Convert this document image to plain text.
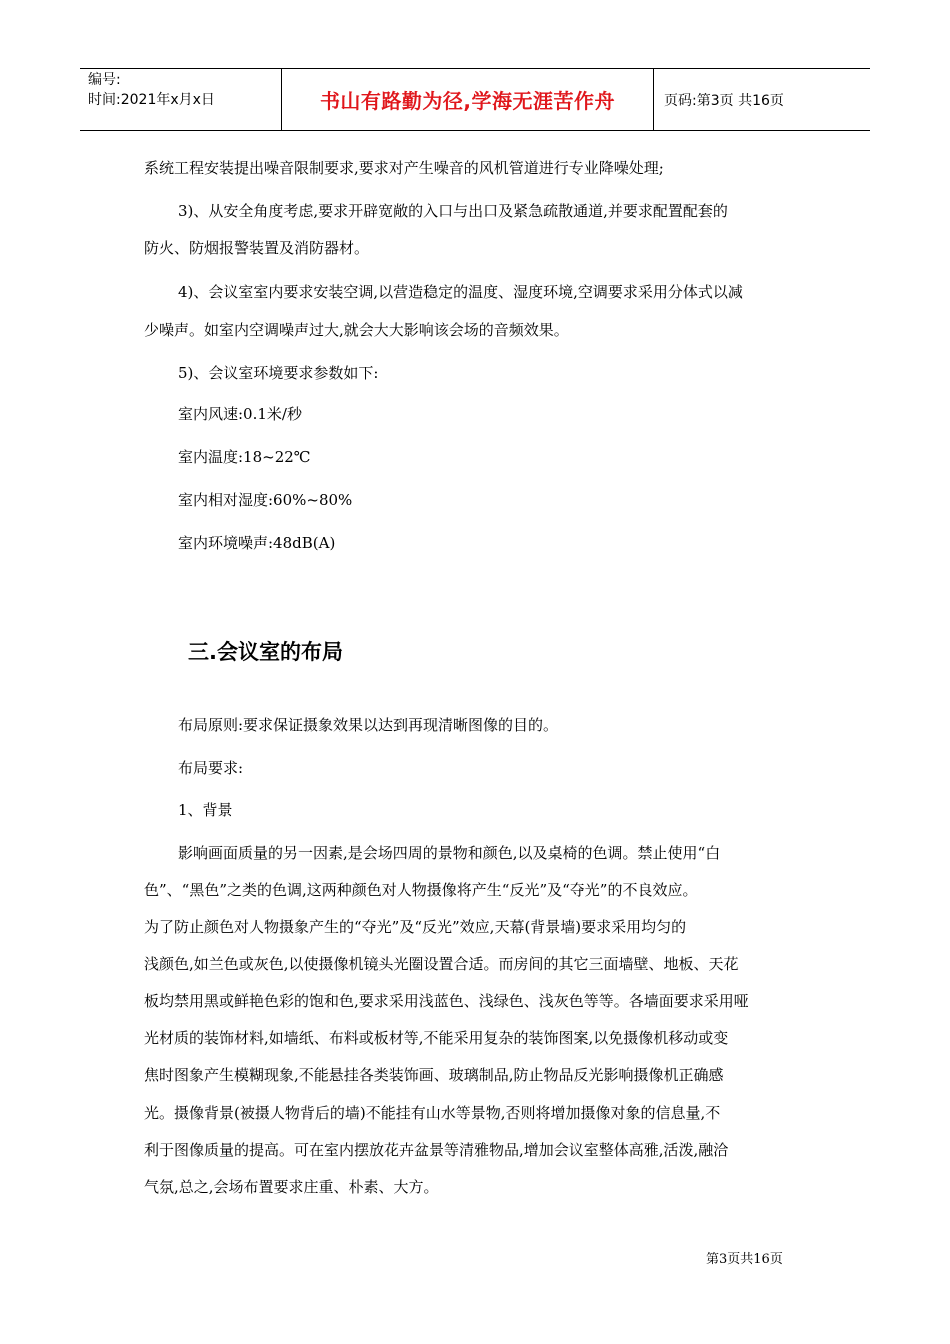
编号:
时间:2021年x月x日	书山有路勤为径,学海无涯苦作舟	页码:第3页 共16页
系统工程安装提出噪音限制要求,要求对产生噪音的风机管道进行专业降噪处理;
3)、从安全角度考虑,要求开辟宽敞的入口与出口及紧急疏散通道,并要求配置配套的
防火、防烟报警装置及消防器材。
4)、会议室室内要求安装空调,以营造稳定的温度、湿度环境,空调要求采用分体式以减
少噪声。如室内空调噪声过大,就会大大影响该会场的音频效果。
5)、会议室环境要求参数如下:
室内风速:0.1米/秒
室内温度:18~22℃
室内相对湿度:60%~80%
室内环境噪声:48dB(A)
三.会议室的布局
布局原则:要求保证摄象效果以达到再现清晰图像的目的。
布局要求:
1、背景
影响画面质量的另一因素,是会场四周的景物和颜色,以及桌椅的色调。禁止使用“白
色”、“黑色”之类的色调,这两种颜色对人物摄像将产生“反光”及“夺光”的不良效应。
为了防止颜色对人物摄象产生的“夺光”及“反光”效应,天幕(背景墙)要求采用均匀的
浅颜色,如兰色或灰色,以使摄像机镜头光圈设置合适。而房间的其它三面墙壁、地板、天花
板均禁用黑或鲜艳色彩的饱和色,要求采用浅蓝色、浅绿色、浅灰色等等。各墙面要求采用哑
光材质的装饰材料,如墙纸、布料或板材等,不能采用复杂的装饰图案,以免摄像机移动或变
焦时图象产生模糊现象,不能悬挂各类装饰画、玻璃制品,防止物品反光影响摄像机正确感
光。摄像背景(被摄人物背后的墙)不能挂有山水等景物,否则将增加摄像对象的信息量,不
利于图像质量的提高。可在室内摆放花卉盆景等清雅物品,增加会议室整体高雅,活泼,融洽
气氛,总之,会场布置要求庄重、朴素、大方。
第3页共16页
